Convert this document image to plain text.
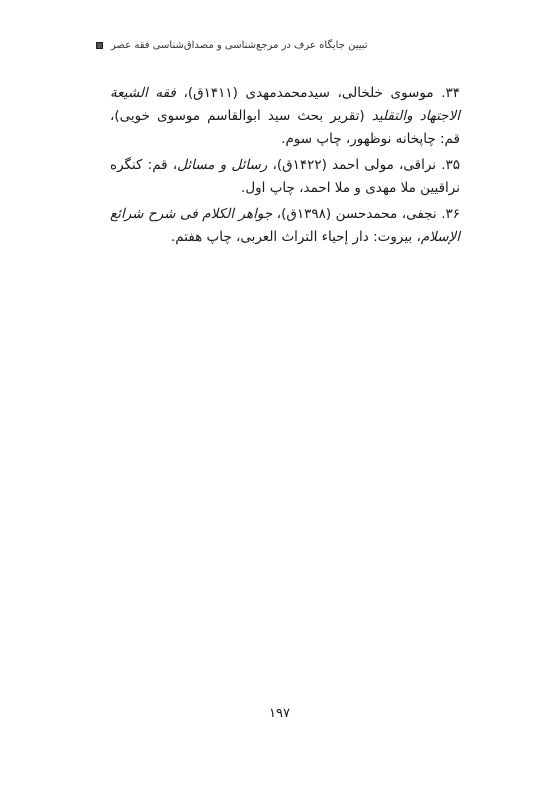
تبیین جایگاه عرف در مرجع‌شناسی و مصداق‌شناسی فقه عصر

۳۴. موسوی خلخالی، سیدمحمدمهدی (۱۴۱۱ق)، فقه الشیعة الاجتهاد والتقلید (تقریر بحث سید ابوالقاسم موسوی خویی)، قم: چاپخانه نوظهور، چاپ سوم.

۳۵. نراقی، مولی احمد (۱۴۲۲ق)، رسائل و مسائل، قم: کنگره نراقیین ملا مهدی و ملا احمد، چاپ اول.

۳۶. نجفی، محمدحسن (۱۳۹۸ق)، جواهر الکلام فی شرح شرائع الإسلام، بیروت: دار إحیاء التراث العربی، چاپ هفتم.

۱۹۷
